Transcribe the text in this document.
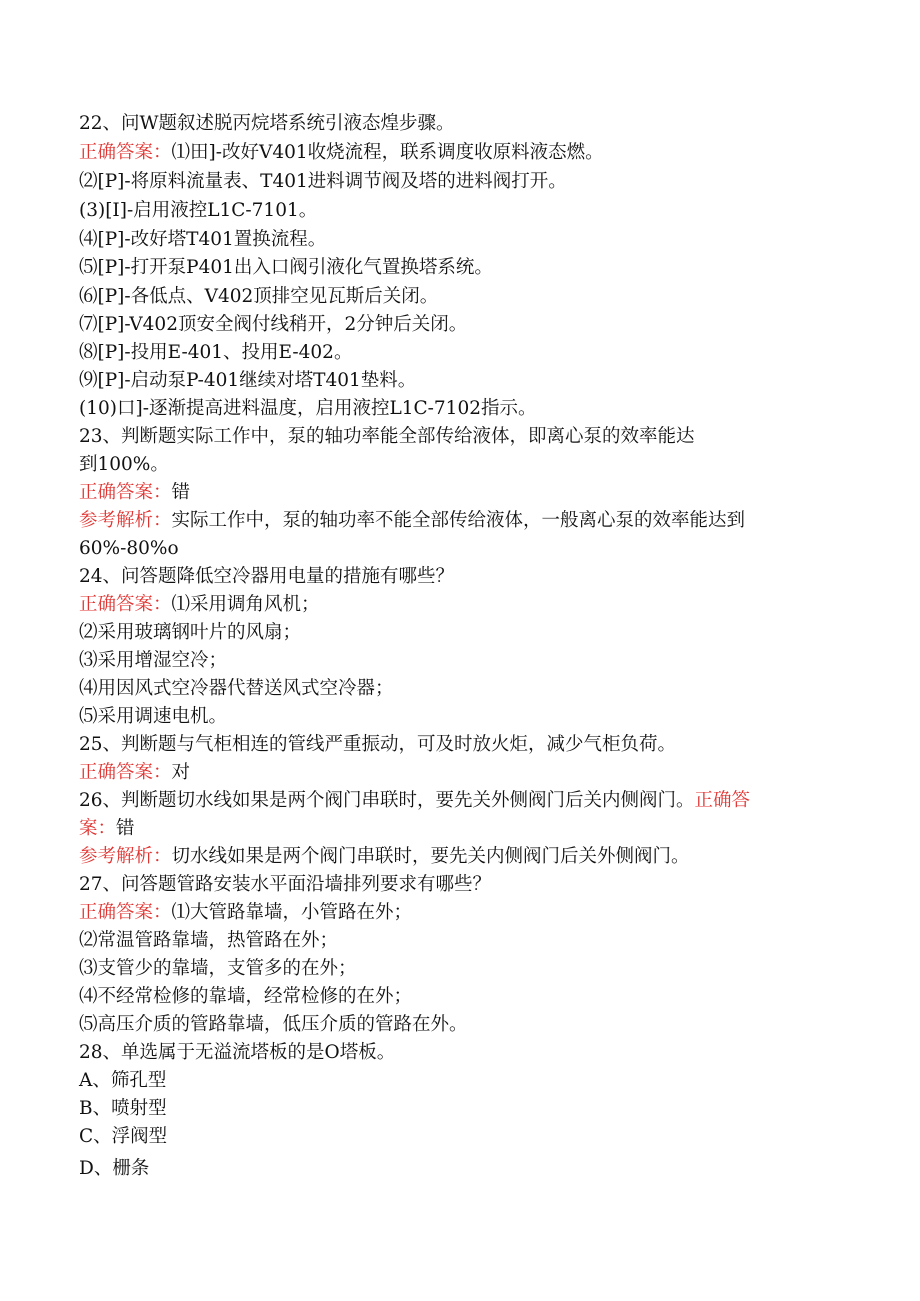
22、问W题叙述脱丙烷塔系统引液态煌步骤。
正确答案：⑴田]-改好V401收烧流程，联系调度收原料液态燃。
⑵[P]-将原料流量表、T401进料调节阀及塔的进料阀打开。
(3)[I]-启用液控L1C-7101。
⑷[P]-改好塔T401置换流程。
⑸[P]-打开泵P401出入口阀引液化气置换塔系统。
⑹[P]-各低点、V402顶排空见瓦斯后关闭。
⑺[P]-V402顶安全阀付线稍开，2分钟后关闭。
⑻[P]-投用E-401、投用E-402。
⑼[P]-启动泵P-401继续对塔T401垫料。
(10)口]-逐渐提高进料温度，启用液控L1C-7102指示。
23、判断题实际工作中，泵的轴功率能全部传给液体，即离心泵的效率能达
到100%。
正确答案：错
参考解析：实际工作中，泵的轴功率不能全部传给液体，一般离心泵的效率能达到
60%-80%o
24、问答题降低空冷器用电量的措施有哪些？
正确答案：⑴采用调角风机；
⑵采用玻璃钢叶片的风扇；
⑶采用增湿空冷；
⑷用因风式空冷器代替送风式空冷器；
⑸采用调速电机。
25、判断题与气柜相连的管线严重振动，可及时放火炬，减少气柜负荷。
正确答案：对
26、判断题切水线如果是两个阀门串联时，要先关外侧阀门后关内侧阀门。正确答
案：错
参考解析：切水线如果是两个阀门串联时，要先关内侧阀门后关外侧阀门。
27、问答题管路安装水平面沿墙排列要求有哪些？
正确答案：⑴大管路靠墙，小管路在外；
⑵常温管路靠墙，热管路在外；
⑶支管少的靠墙，支管多的在外；
⑷不经常检修的靠墙，经常检修的在外；
⑸高压介质的管路靠墙，低压介质的管路在外。
28、单选属于无溢流塔板的是O塔板。
A、筛孔型
B、喷射型
C、浮阀型
D、栅条
